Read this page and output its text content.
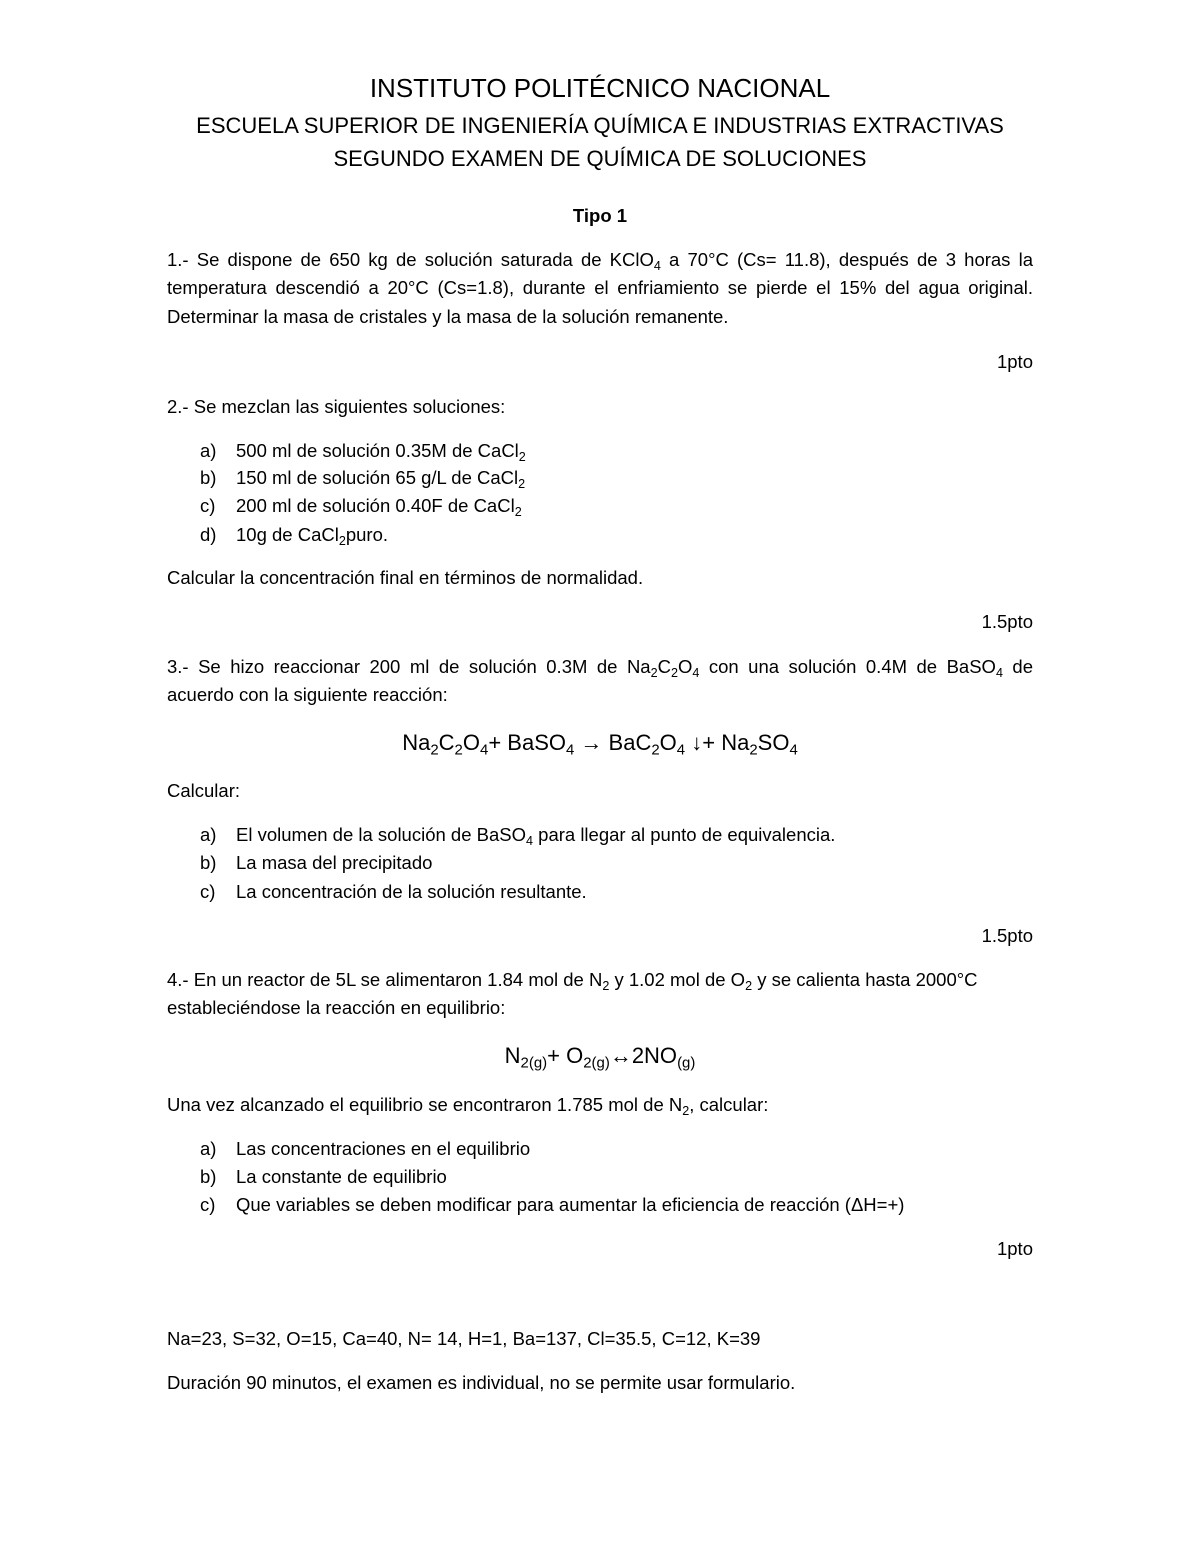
INSTITUTO POLITÉCNICO NACIONAL
ESCUELA SUPERIOR DE INGENIERÍA QUÍMICA E INDUSTRIAS EXTRACTIVAS
SEGUNDO EXAMEN DE QUÍMICA DE SOLUCIONES
Tipo 1
1.- Se dispone de 650 kg de solución saturada de KClO$_4$ a 70°C (Cs= 11.8), después de 3 horas la
temperatura descendió a 20°C (Cs=1.8), durante el enfriamiento se pierde el 15% del agua original.
Determinar la masa de cristales y la masa de la solución remanente.
1pto
2.- Se mezclan las siguientes soluciones:
a) 500 ml de solución 0.35M de CaCl$_2$
b) 150 ml de solución 65 g/L de CaCl$_2$
c) 200 ml de solución 0.40F de CaCl$_2$
d) 10g de CaCl$_2$puro.
Calcular la concentración final en términos de normalidad.
1.5pto
3.- Se hizo reaccionar 200 ml de solución 0.3M de $Na_2C_2O_4$ con una solución 0.4M de BaSO$_4$ de
acuerdo con la siguiente reacción:
$Na_2C_2O_4+$ BaSO$_4$ → $BaC_2O_4$ ↓+ $Na_2SO_4$
Calcular:
a) El volumen de la solución de BaSO$_4$ para llegar al punto de equivalencia.
b) La masa del precipitado
c) La concentración de la solución resultante.
1.5pto
4.- En un reactor de 5L se alimentaron 1.84 mol de $N_2$ y 1.02 mol de $O_2$ y se calienta hasta 2000°C
estableciéndose la reacción en equilibrio:
$N_{2(g)}+$ $O_{2(g)}\leftrightarrow 2NO_{(g)}$
Una vez alcanzado el equilibrio se encontraron 1.785 mol de $N_2$, calcular:
a) Las concentraciones en el equilibrio
b) La constante de equilibrio
c) Que variables se deben modificar para aumentar la eficiencia de reacción (ΔH=+)
1pto
Na=23, S=32, O=15, Ca=40, N= 14, H=1, Ba=137, Cl=35.5, C=12, K=39
Duración 90 minutos, el examen es individual, no se permite usar formulario.
